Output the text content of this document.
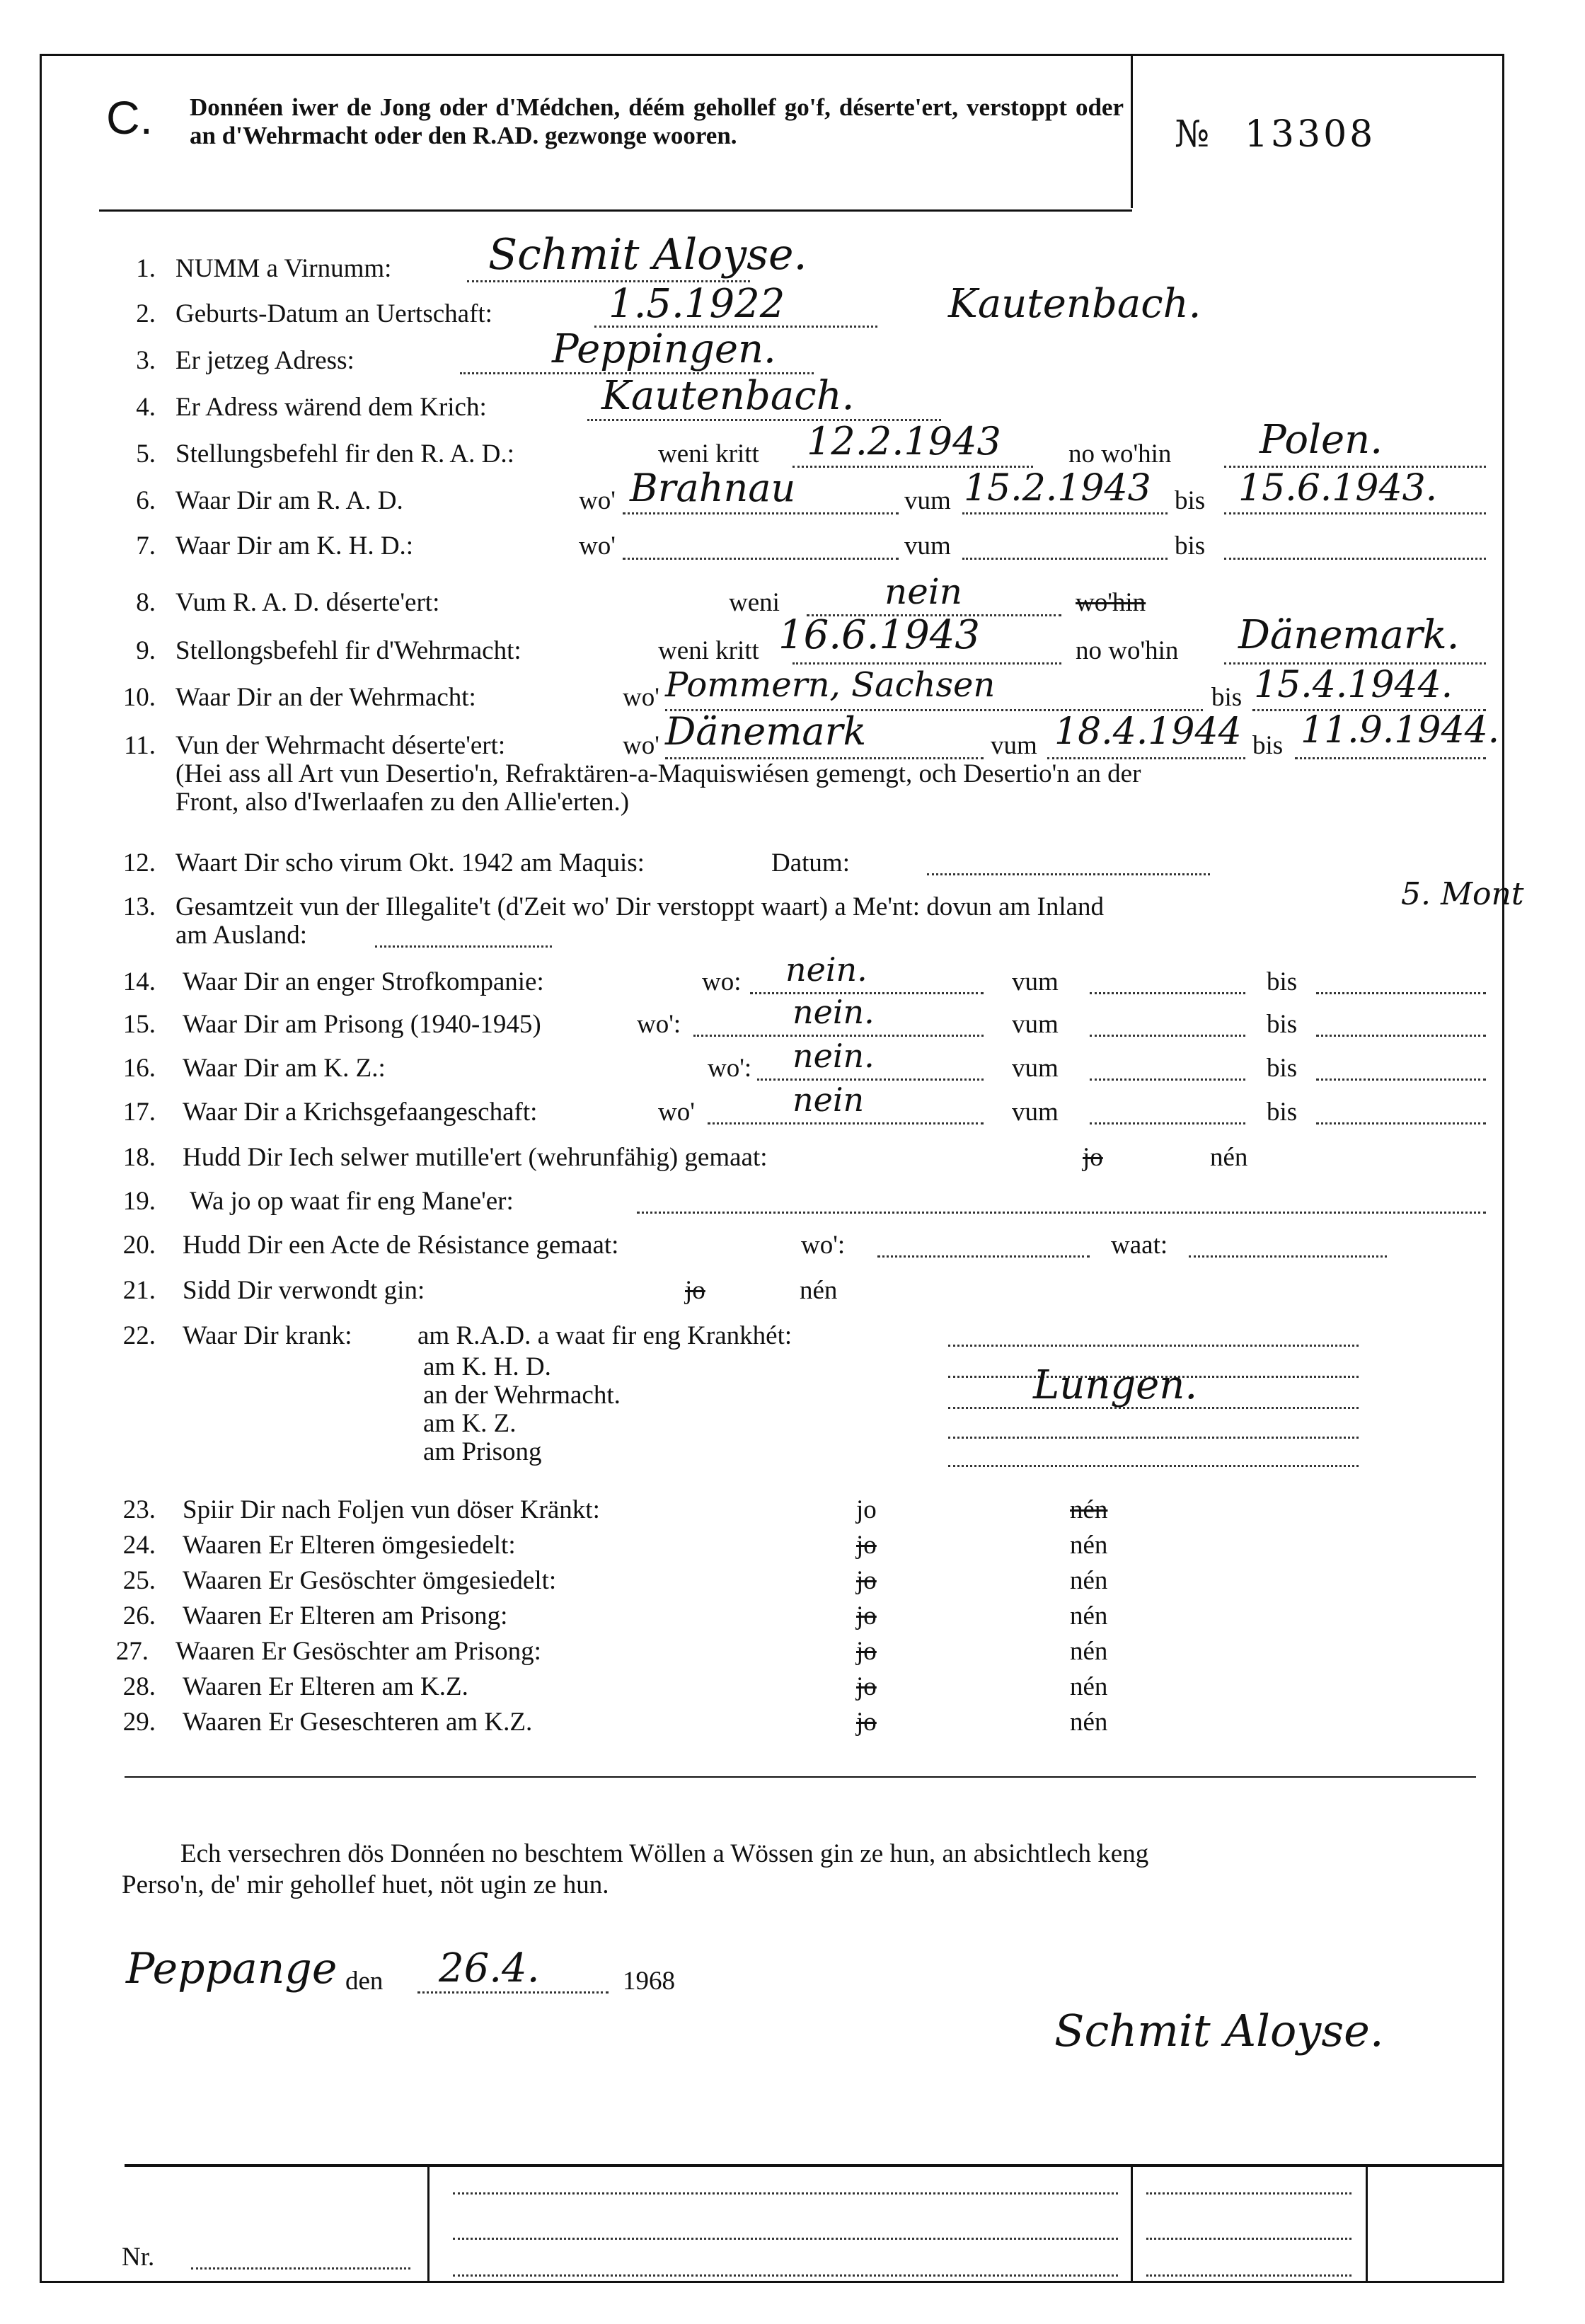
C. Donnéen iwer de Jong oder d'Médchen, déém gehollef go'f, déserte'ert, verstoppt oder an d'Wehrmacht oder den R.AD. gezwonge wooren.	№ 13308
1. NUMM a Virnumm: Schmit Aloyse.
2. Geburts-Datum an Uertschaft:	1.5.1922	Kautenbach.
3. Er jetzeg Adress:	Peppingen.
4. Er Adress wärend dem Krich:	Kautenbach.
5. Stellungsbefehl fir den R. A. D.:	weni kritt 12.2.1943	no wo'hin Polen.
6. Waar Dir am R. A. D.	wo' Brahnau	vum 15.2.1943 bis 15.6.1943.
7. Waar Dir am K. H. D.:	wo'	vum	bis
8. Vum R. A. D. déserte'ert:	weni	nein	wo'hin
9. Stellongsbefehl fir d'Wehrmacht:	weni kritt 16.6.1943	no wo'hin Dänemark.
10. Waar Dir an der Wehrmacht:	wo' Pommern, Sachsen	bis 15.4.1944.
11. Vun der Wehrmacht déserte'ert:	wo' Dänemark	vum 18.4.1944 bis 11.9.1944.
(Hei ass all Art vun Desertio'n, Refraktären-a-Maquiswiésen gemengt, och Desertio'n an der
Front, also d'Iwerlaafen zu den Allie'erten.)
12. Waart Dir scho virum Okt. 1942 am Maquis:	Datum:
13. Gesamtzeit vun der Illegalite't (d'Zeit wo' Dir verstoppt waart) a Me'nt: dovun am Inland	5. Mont
am Ausland:
14. Waar Dir an enger Strofkompanie:	wo: nein.	vum	bis
15. Waar Dir am Prisong (1940-1945)	wo':	nein.	vum	bis
16. Waar Dir am K. Z.:	wo': nein.	vum	bis
17. Waar Dir a Krichsgefaangeschaft:	wo'	nein	vum	bis
18. Hudd Dir Iech selwer mutille'ert (wehrunfähig) gemaat:	jo	nén
19. Wa jo op waat fir eng Mane'er:
20. Hudd Dir een Acte de Résistance gemaat:	wo':	waat:
21. Sidd Dir verwondt gin:	jo	nén
22. Waar Dir krank:	am R.A.D. a waat fir eng Krankhét:
am K. H. D.
an der Wehrmacht.	Lungen.
am K. Z.
am Prisong
23. Spiir Dir nach Foljen vun döser Kränkt:	jo	nén
24. Waaren Er Elteren ömgesiedelt:	jo	nén
25. Waaren Er Gesöschter ömgesiedelt:	jo	nén
26. Waaren Er Elteren am Prisong:	jo	nén
27. Waaren Er Gesöschter am Prisong:	jo	nén
28. Waaren Er Elteren am K.Z.	jo	nén
29. Waaren Er Geseschteren am K.Z.	jo	nén
Ech versechren dös Donnéen no beschtem Wöllen a Wössen gin ze hun, an absichtlech keng
Perso'n, de' mir gehollef huet, nöt ugin ze hun.
Peppange den 26.4.	1968
Schmit Aloyse.
Nr.
